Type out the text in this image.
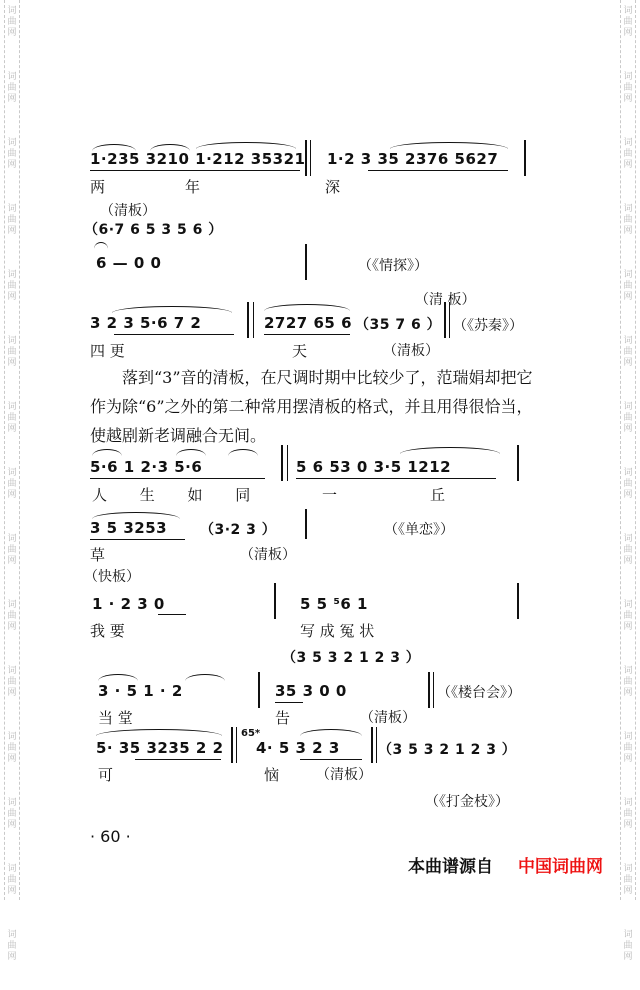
词曲网
词曲网
词曲网
词曲网
词曲网
词曲网
词曲网
词曲网
词曲网
词曲网
词曲网
词曲网
词曲网
词曲网
词曲网
词曲网
词曲网
词曲网
词曲网
词曲网
词曲网
词曲网
词曲网
词曲网
词曲网
词曲网
词曲网
词曲网
词曲网
词曲网
1·235 3210 1·212 35321 1·2 3 35 2376 5627
两	年	深
（清板）
（6·7 6 5 3 5 6 ）
6 — 0 0	（《情探》）
（清 板）
3 2 3 5·6 7 2	2727 65 6 （35 7 6 ） （《苏秦》）
四 更	天	（清板）

落到“3”音的清板，在尺调时期中比较少了，范瑞娟却把它作为除“6”之外的第二种常用摆清板的格式，并且用得很恰当，使越剧新老调融合无间。

5·6 1 2·3 5·6	5 6 53 0 3·5 1212
人 生 如 同	一	丘
3 5 3253 （3·2 3 ）	（《单恋》）
草	（清板）
（快板）
1 · 2 3 0	5 5 ⁵6 1
我 要	写 成 冤 状
（3 5 3 2 1 2 3 ）
3 · 5 1 · 2	35 3 0 0	（《楼台会》）
当 堂	告	（清板）
5· 35 3235 2 2
65*
4· 5 3 2 3	（3 5 3 2 1 2 3 ）
可	恼	（清板）
（《打金枝》）
· 60 ·
本曲谱源自 中国词曲网
